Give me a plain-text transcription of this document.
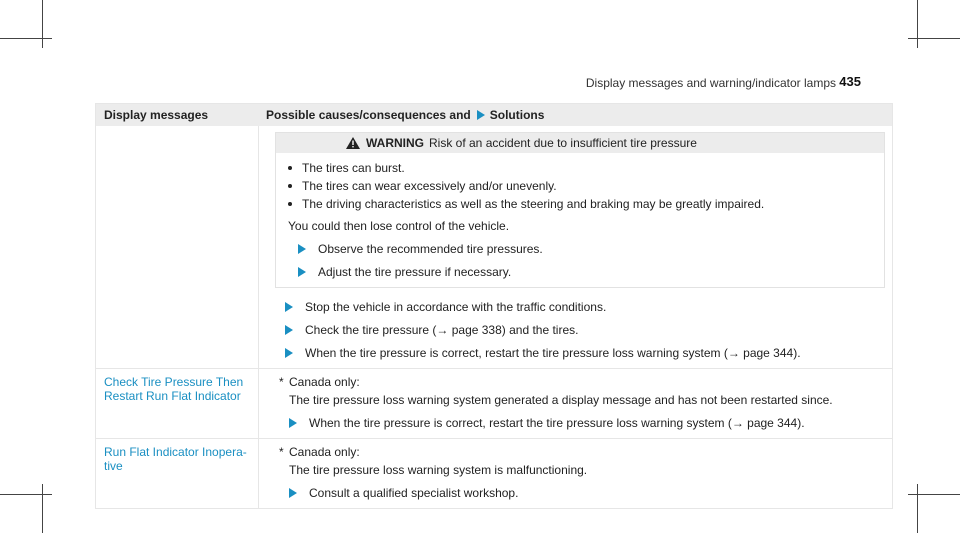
Display messages and warning/indicator lamps 435
Display messages	Possible causes/consequences and Solutions
WARNING Risk of an accident due to insufficient tire pressure
The tires can burst.
The tires can wear excessively and/or unevenly.
The driving characteristics as well as the steering and braking may be greatly impaired.
You could then lose control of the vehicle.
Observe the recommended tire pressures.
Adjust the tire pressure if necessary.
Stop the vehicle in accordance with the traffic conditions.
Check the tire pressure (→ page 338) and the tires.
When the tire pressure is correct, restart the tire pressure loss warning system (→ page 344).
Check Tire Pressure Then
Restart Run Flat Indicator
* Canada only:
The tire pressure loss warning system generated a display message and has not been restarted since.
When the tire pressure is correct, restart the tire pressure loss warning system (→ page 344).
Run Flat Indicator Inopera-
tive
* Canada only:
The tire pressure loss warning system is malfunctioning.
Consult a qualified specialist workshop.
